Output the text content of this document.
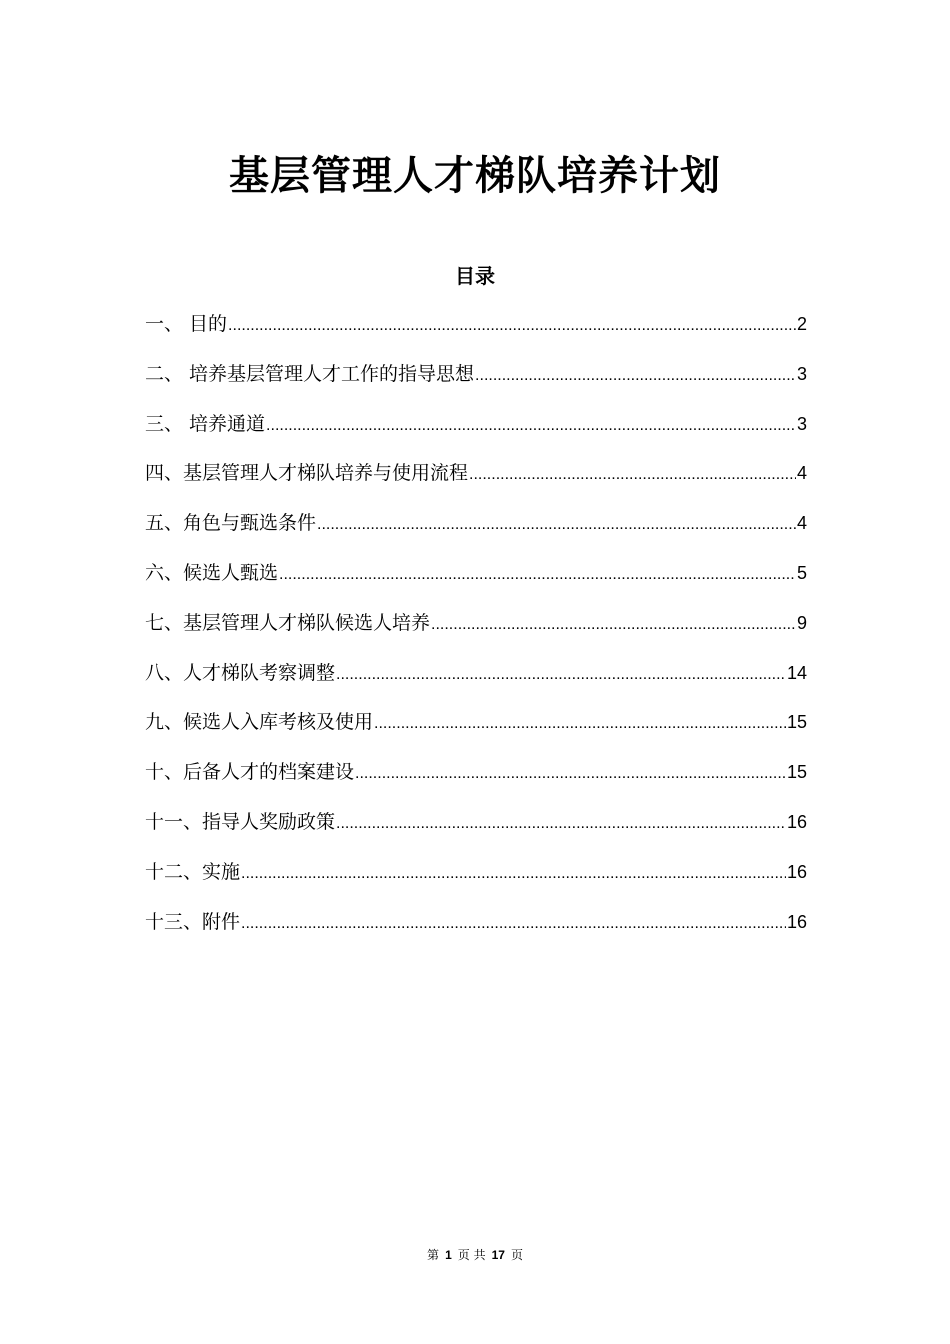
基层管理人才梯队培养计划
目录
一、 目的 .....	2
二、 培养基层管理人才工作的指导思想 .....	3
三、 培养通道 .....	3
四、基层管理人才梯队培养与使用流程 .....	4
五、角色与甄选条件 .....	4
六、候选人甄选 .....	5
七、基层管理人才梯队候选人培养 .....	9
八、人才梯队考察调整 .....	14
九、候选人入库考核及使用 .....	15
十、后备人才的档案建设 .....	15
十一、指导人奖励政策 .....	16
十二、实施 .....	16
十三、附件 .....	16
第 1 页 共 17 页
